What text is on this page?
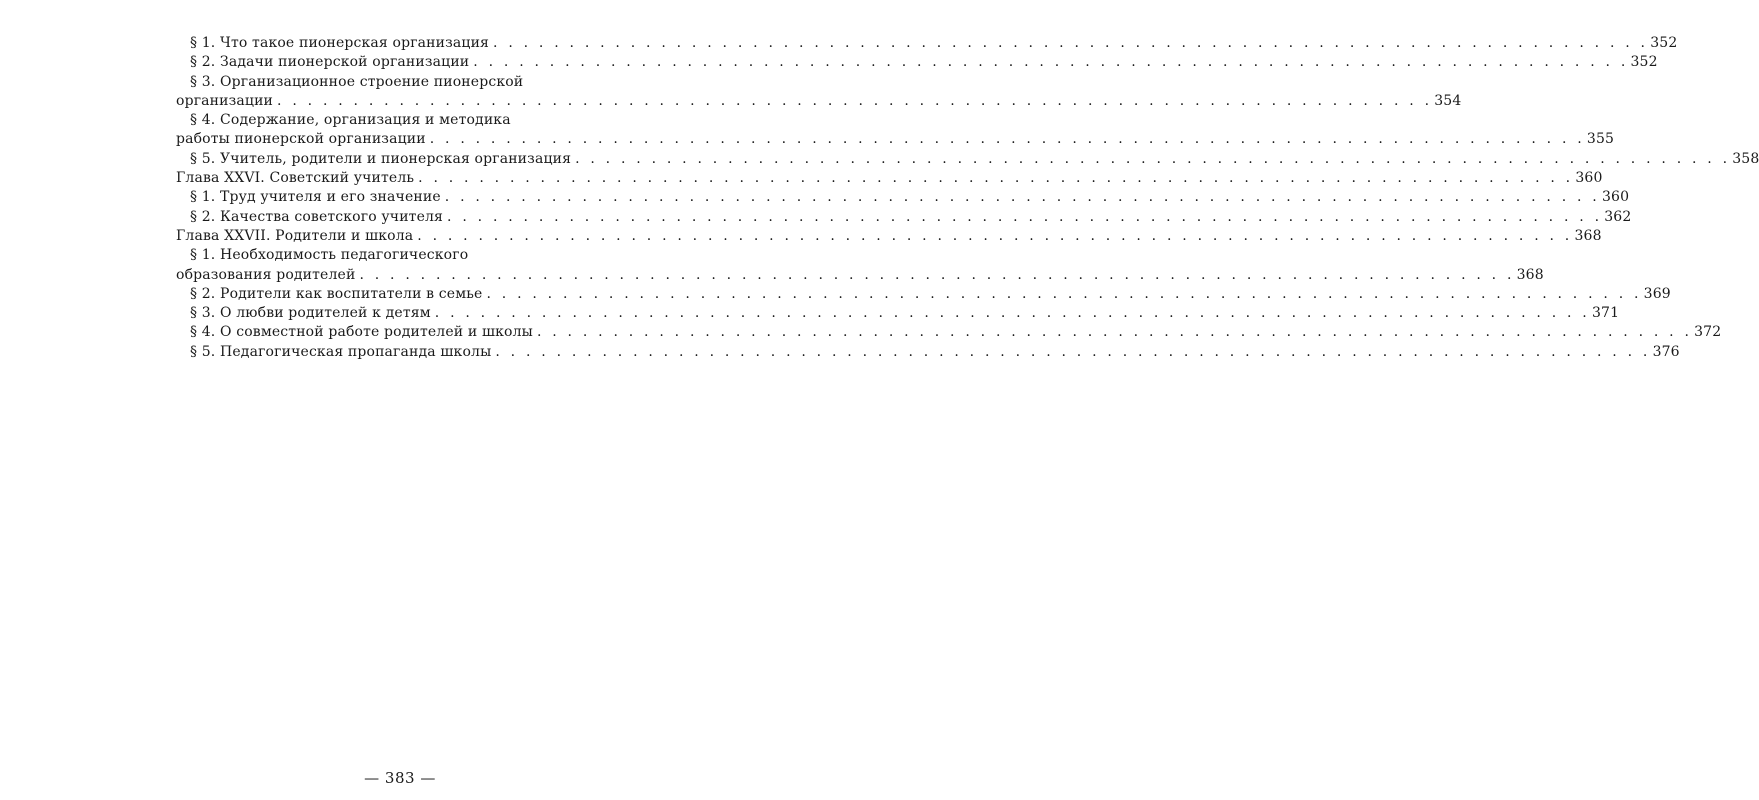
§ 1. Что такое пионерская организация . . .	352
§ 2. Задачи пионерской организации . . .	352
§ 3. Организационное строение пионерской
организации . . .	354
§ 4. Содержание, организация и методика
работы пионерской организации . . .	355
§ 5. Учитель, родители и пионерская организация . . .	358
Глава XXVI. Советский учитель . . .	360
§ 1. Труд учителя и его значение . . .	360
§ 2. Качества советского учителя . . .	362
Глава XXVII. Родители и школа . . .	368
§ 1. Необходимость педагогического
образования родителей . . .	368
§ 2. Родители как воспитатели в семье . . .	369
§ 3. О любви родителей к детям . . .	371
§ 4. О совместной работе родителей и школы . . .	372
§ 5. Педагогическая пропаганда школы . . .	376
— 383 —
